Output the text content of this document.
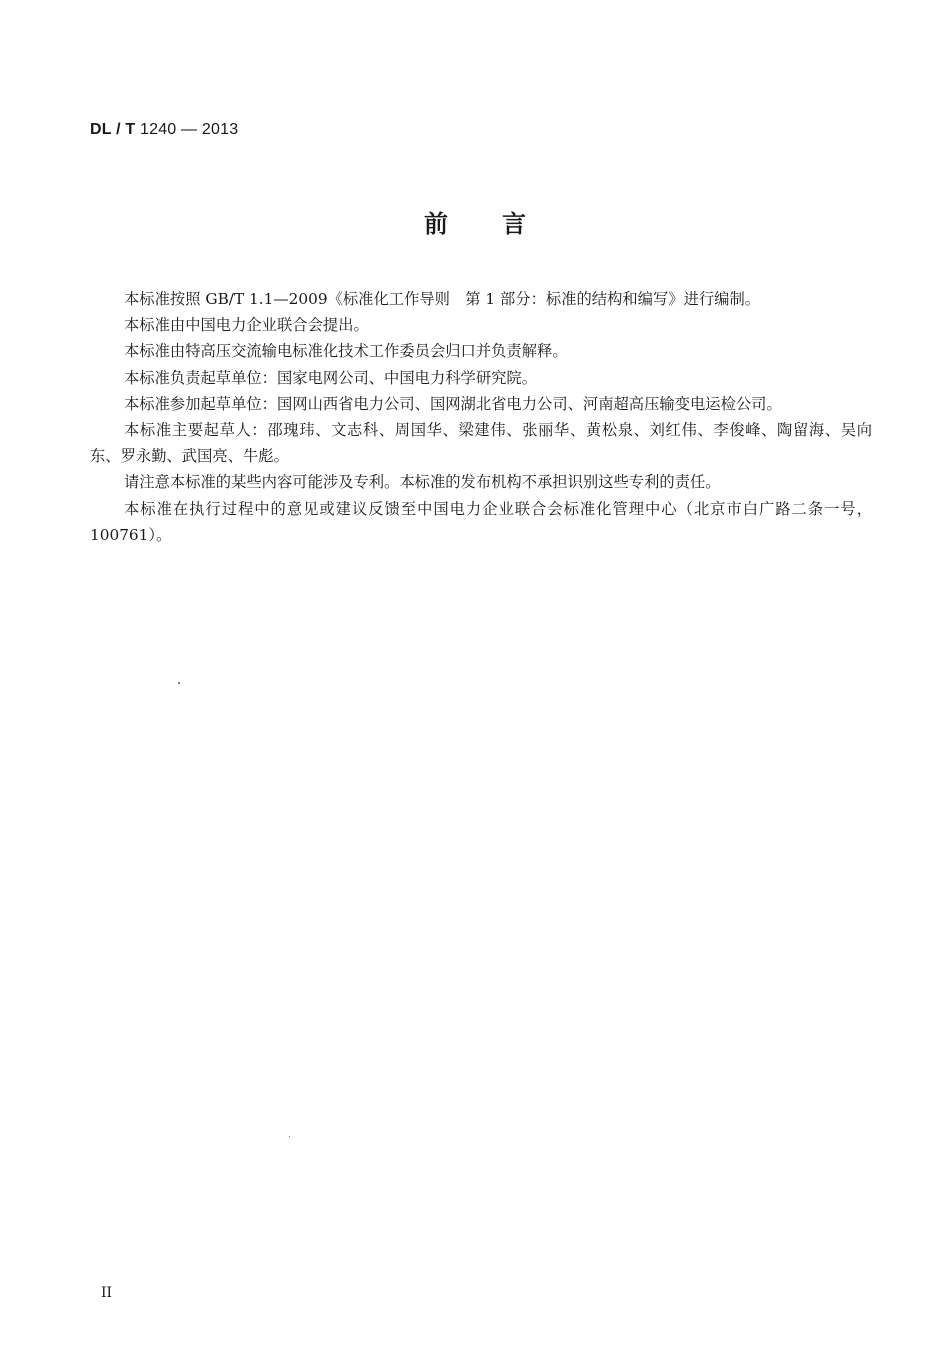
DL / T 1240 — 2013
前言

本标准按照 GB/T 1.1—2009《标准化工作导则　第 1 部分：标准的结构和编写》进行编制。

本标准由中国电力企业联合会提出。

本标准由特高压交流输电标准化技术工作委员会归口并负责解释。

本标准负责起草单位：国家电网公司、中国电力科学研究院。

本标准参加起草单位：国网山西省电力公司、国网湖北省电力公司、河南超高压输变电运检公司。

本标准主要起草人：邵瑰玮、文志科、周国华、梁建伟、张丽华、黄松泉、刘红伟、李俊峰、陶留海、吴向东、罗永勤、武国亮、牛彪。

请注意本标准的某些内容可能涉及专利。本标准的发布机构不承担识别这些专利的责任。

本标准在执行过程中的意见或建议反馈至中国电力企业联合会标准化管理中心（北京市白广路二条一号，100761）。

II
